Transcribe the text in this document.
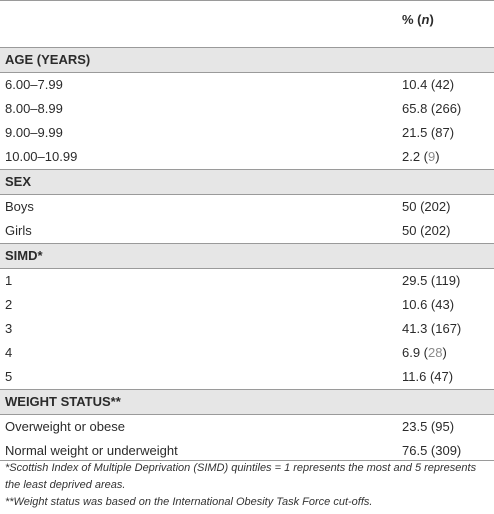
% (n)
AGE (YEARS)
6.00–7.99	10.4 (42)
8.00–8.99	65.8 (266)
9.00–9.99	21.5 (87)
10.00–10.99	2.2 (9)
SEX
Boys	50 (202)
Girls	50 (202)
SIMD*
1	29.5 (119)
2	10.6 (43)
3	41.3 (167)
4	6.9 (28)
5	11.6 (47)
WEIGHT STATUS**
Overweight or obese	23.5 (95)
Normal weight or underweight	76.5 (309)

*Scottish Index of Multiple Deprivation (SIMD) quintiles = 1 represents the most and 5 represents the least deprived areas.

**Weight status was based on the International Obesity Task Force cut-offs.
